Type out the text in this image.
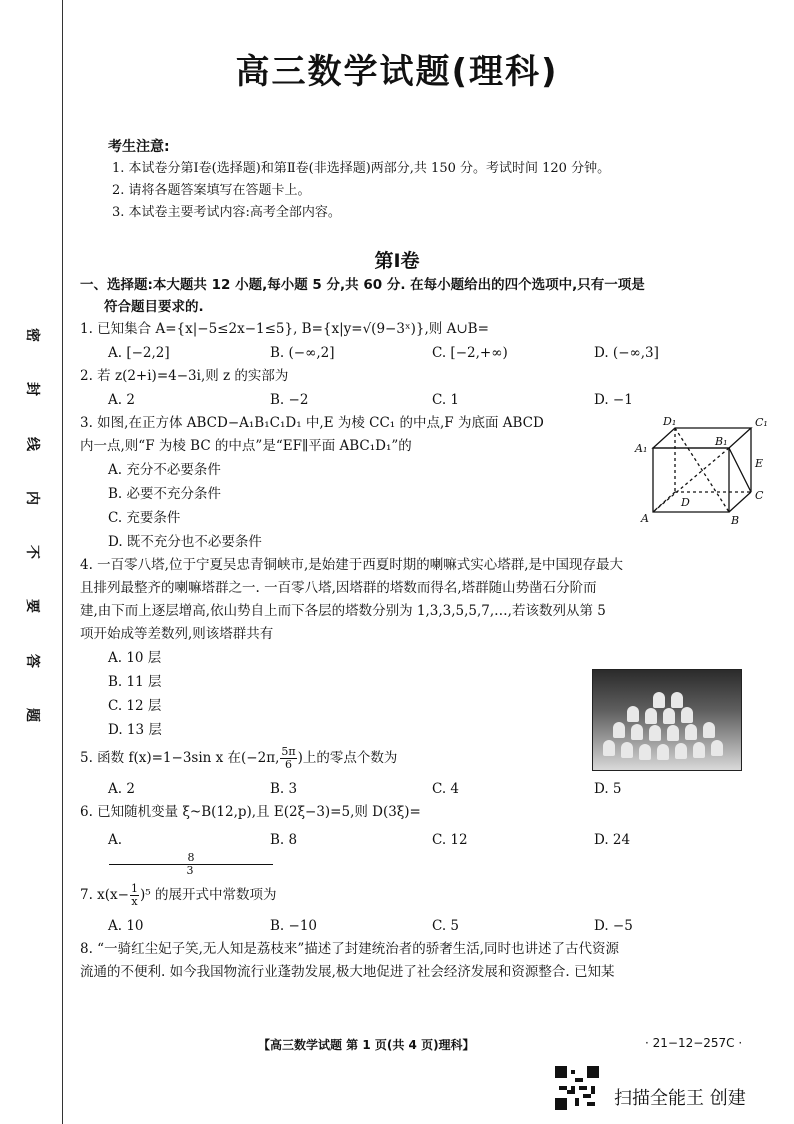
密
封
线
内
不
要
答
题
高三数学试题(理科)
考生注意:

1. 本试卷分第Ⅰ卷(选择题)和第Ⅱ卷(非选择题)两部分,共 150 分。考试时间 120 分钟。

2. 请将各题答案填写在答题卡上。

3. 本试卷主要考试内容:高考全部内容。

第Ⅰ卷

一、选择题:本大题共 12 小题,每小题 5 分,共 60 分. 在每小题给出的四个选项中,只有一项是
符合题目要求的.

1. 已知集合 A={x|−5≤2x−1≤5}, B={x|y=√(9−3ˣ)},则 A∪B=

A. [−2,2]	B. (−∞,2]	C. [−2,+∞)	D. (−∞,3]

2. 若 z(2+i)=4−3i,则 z 的实部为

A. 2	B. −2	C. 1	D. −1

3. 如图,在正方体 ABCD−A₁B₁C₁D₁ 中,E 为棱 CC₁ 的中点,F 为底面 ABCD

内一点,则“F 为棱 BC 的中点”是“EF∥平面 ABC₁D₁”的

A. 充分不必要条件
B. 必要不充分条件
C. 充要条件
D. 既不充分也不必要条件
D₁	C₁
A₁
B₁
E
D
C
A	B

4. 一百零八塔,位于宁夏吴忠青铜峡市,是始建于西夏时期的喇嘛式实心塔群,是中国现存最大

且排列最整齐的喇嘛塔群之一. 一百零八塔,因塔群的塔数而得名,塔群随山势凿石分阶而

建,由下而上逐层增高,依山势自上而下各层的塔数分别为 1,3,3,5,5,7,…,若该数列从第 5

项开始成等差数列,则该塔群共有

A. 10 层
B. 11 层
C. 12 层
D. 13 层

5. 函数 f(x)=1−3sin x 在(−2π, $\frac{5\pi}{6}$ )上的零点个数为

A. 2	B. 3	C. 4	D. 5

6. 已知随机变量 ξ~B(12,p),且 E(2ξ−3)=5,则 D(3ξ)=

A.
$\frac{8}{3}$
B. 8	C. 12	D. 24

7. $x(x- \frac{1}{x} )^5$ 的展开式中常数项为

A. 10	B. −10	C. 5	D. −5

8. “一骑红尘妃子笑,无人知是荔枝来”描述了封建统治者的骄奢生活,同时也讲述了古代资源

流通的不便利. 如今我国物流行业蓬勃发展,极大地促进了社会经济发展和资源整合. 已知某

【高三数学试题 第 1 页(共 4 页)理科】	· 21−12−257C ·
扫描全能王 创建
